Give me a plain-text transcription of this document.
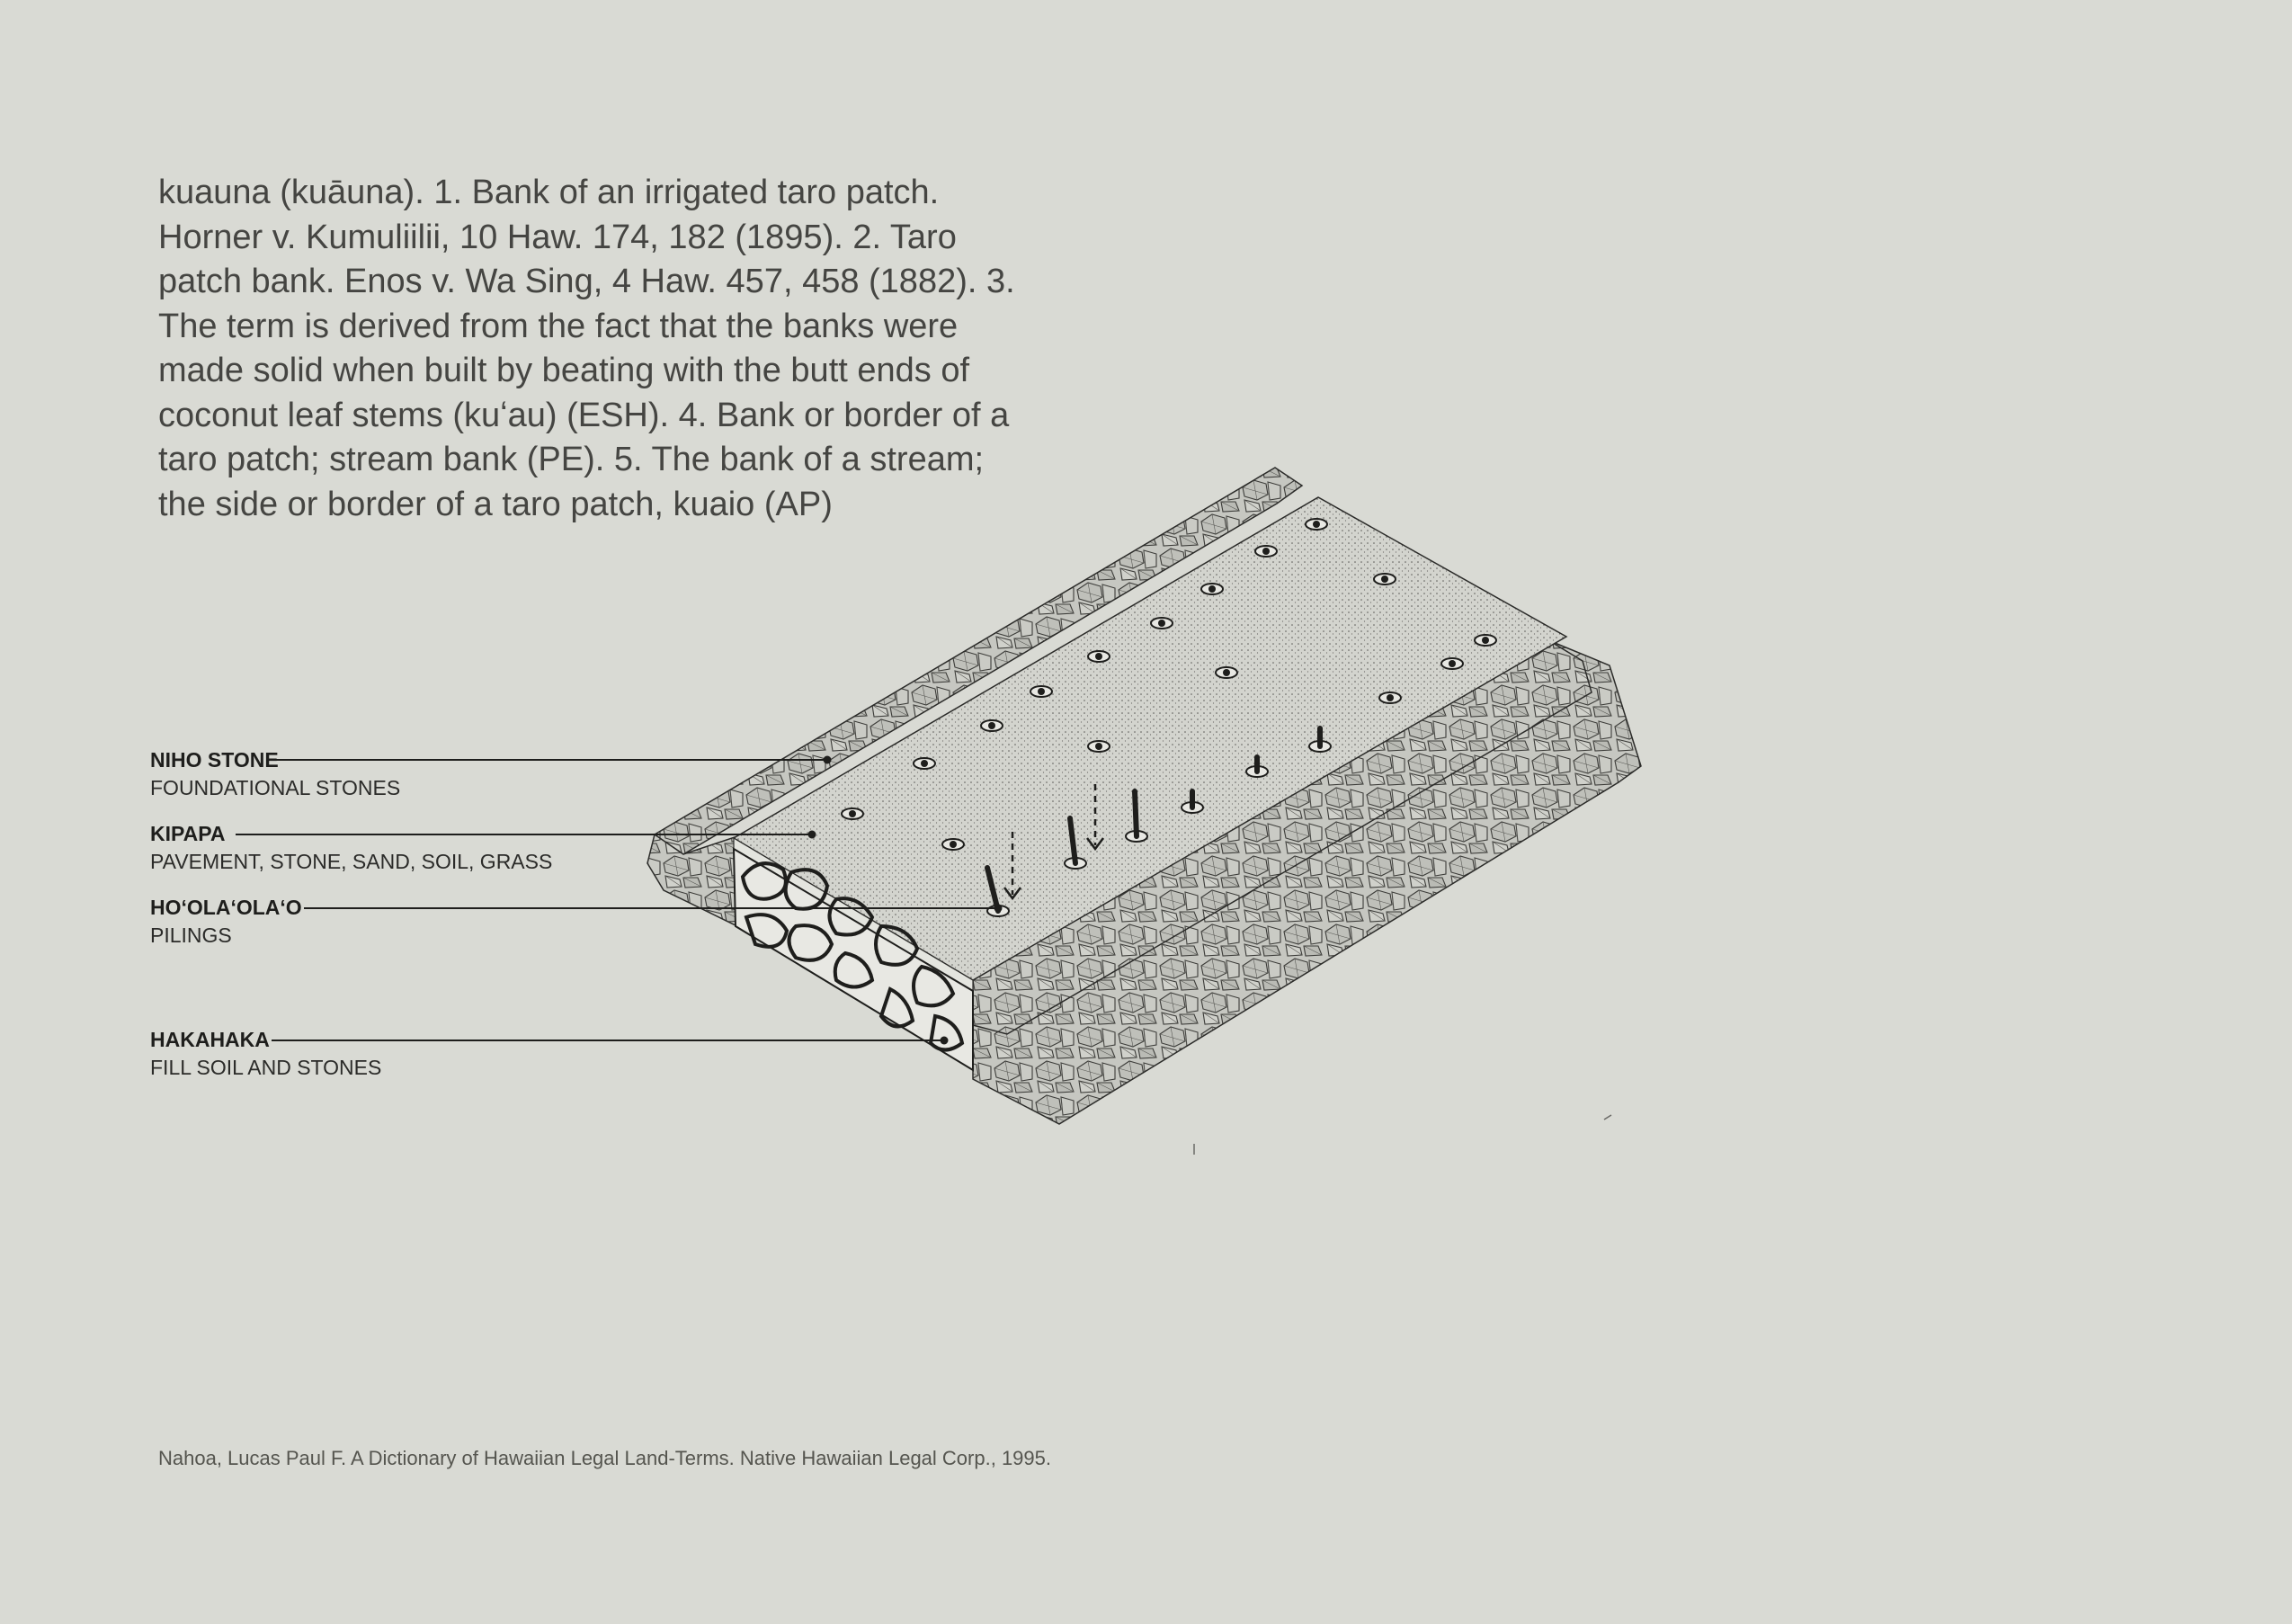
kuauna (kuāuna). 1. Bank of an irrigated taro patch. Horner v. Kumuliilii, 10 Haw. 174, 182 (1895). 2. Taro patch bank. Enos v. Wa Sing, 4 Haw. 457, 458 (1882). 3. The term is derived from the fact that the banks were made solid when built by beating with the butt ends of coconut leaf stems (kuʻau) (ESH). 4. Bank or border of a taro patch; stream bank (PE). 5. The bank of a stream; the side or border of a taro patch, kuaio (AP)

NIHO STONE
FOUNDATIONAL STONES
KIPAPA
PAVEMENT, STONE, SAND, SOIL, GRASS
HOʻOLAʻOLAʻO
PILINGS
HAKAHAKA
FILL SOIL AND STONES

Nahoa, Lucas Paul F. A Dictionary of Hawaiian Legal Land-Terms. Native Hawaiian Legal Corp., 1995.
